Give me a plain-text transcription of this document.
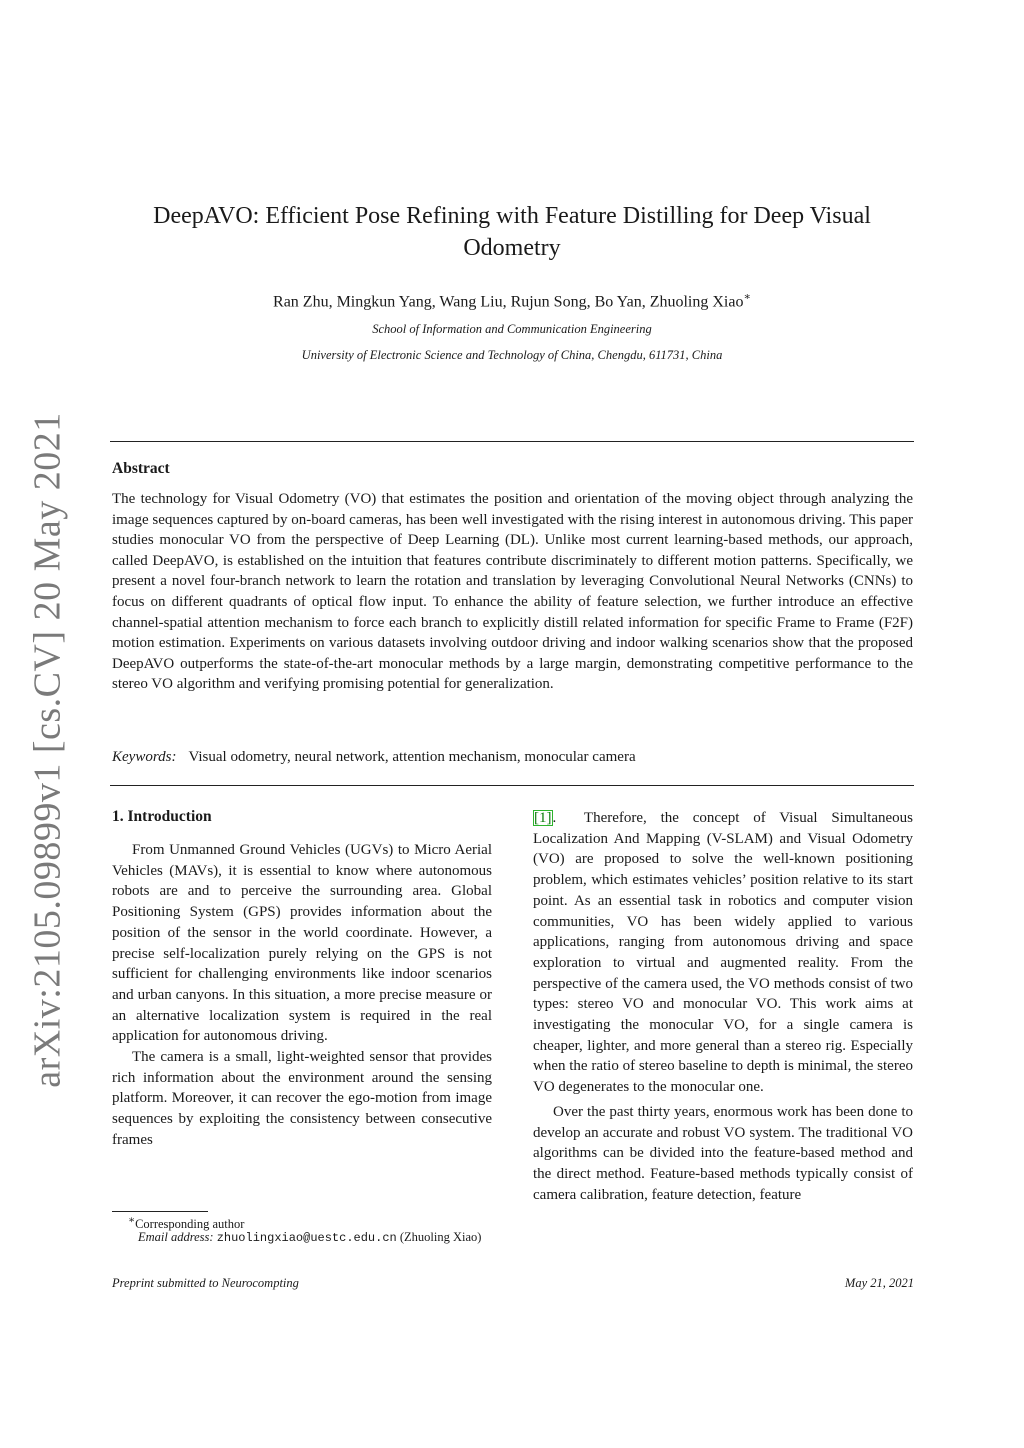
arXiv:2105.09899v1 [cs.CV] 20 May 2021
DeepAVO: Efficient Pose Refining with Feature Distilling for Deep Visual
Odometry
Ran Zhu, Mingkun Yang, Wang Liu, Rujun Song, Bo Yan, Zhuoling Xiao∗
School of Information and Communication Engineering
University of Electronic Science and Technology of China, Chengdu, 611731, China
Abstract

The technology for Visual Odometry (VO) that estimates the position and orientation of the moving object through analyzing the image sequences captured by on-board cameras, has been well investigated with the rising interest in autonomous driving. This paper studies monocular VO from the perspective of Deep Learning (DL). Unlike most current learning-based methods, our approach, called DeepAVO, is established on the intuition that features contribute discriminately to different motion patterns. Specifically, we present a novel four-branch network to learn the rotation and translation by leveraging Convolutional Neural Networks (CNNs) to focus on different quadrants of optical flow input. To enhance the ability of feature selection, we further introduce an effective channel-spatial attention mechanism to force each branch to explicitly distill related information for specific Frame to Frame (F2F) motion estimation. Experiments on various datasets involving outdoor driving and indoor walking scenarios show that the proposed DeepAVO outperforms the state-of-the-art monocular methods by a large margin, demonstrating competitive performance to the stereo VO algorithm and verifying promising potential for generalization.

Keywords: Visual odometry, neural network, attention mechanism, monocular camera
1. Introduction

From Unmanned Ground Vehicles (UGVs) to Micro Aerial Vehicles (MAVs), it is essential to know where autonomous robots are and to perceive the surrounding area. Global Positioning System (GPS) provides information about the position of the sensor in the world coordinate. However, a precise self-localization purely relying on the GPS is not sufficient for challenging environments like indoor scenarios and urban canyons. In this situation, a more precise measure or an alternative localization system is required in the real application for autonomous driving.

The camera is a small, light-weighted sensor that provides rich information about the environment around the sensing platform. Moreover, it can recover the ego-motion from image sequences by exploiting the consistency between consecutive frames

[1].  Therefore, the concept of Visual Simultaneous Localization And Mapping (V-SLAM) and Visual Odometry (VO) are proposed to solve the well-known positioning problem, which estimates vehicles’ position relative to its start point. As an essential task in robotics and computer vision communities, VO has been widely applied to various applications, ranging from autonomous driving and space exploration to virtual and augmented reality. From the perspective of the camera used, the VO methods consist of two types: stereo VO and monocular VO. This work aims at investigating the monocular VO, for a single camera is cheaper, lighter, and more general than a stereo rig. Especially when the ratio of stereo baseline to depth is minimal, the stereo VO degenerates to the monocular one.

Over the past thirty years, enormous work has been done to develop an accurate and robust VO system. The traditional VO algorithms can be divided into the feature-based method and the direct method. Feature-based methods typically consist of camera calibration, feature detection, feature

∗Corresponding author
Email address: zhuolingxiao@uestc.edu.cn (Zhuoling Xiao)
Preprint submitted to Neurocompting	May 21, 2021
